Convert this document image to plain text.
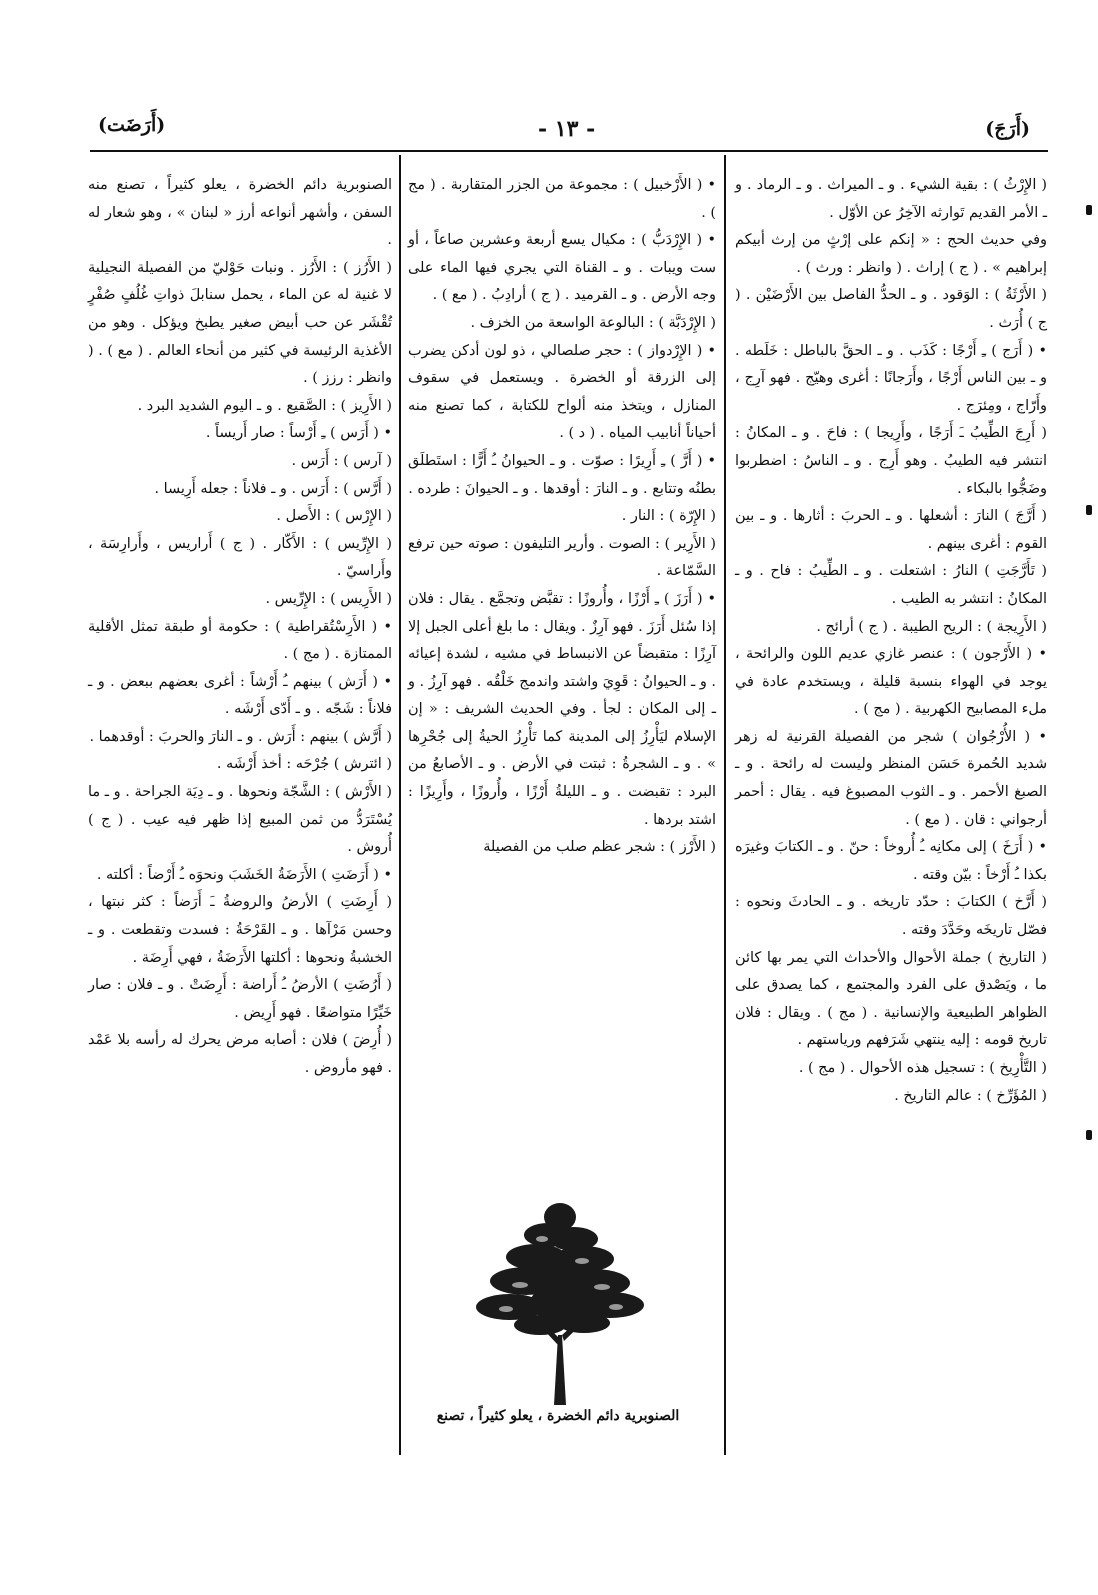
(أَرَجَ)
- ١٣ -
(أَرَضَت)

( الإِرْثُ ) : بقية الشيء . و ـ الميراث . و ـ الرماد . و ـ الأمر القديم تَوارثه الآخِرُ عن الأوّل .

وفي حديث الحج : « إنكم على إرْثٍ من إرث أبيكم إبراهيم » . ( ج ) إراث . ( وانظر : ورث ) .

( الأَرْثَةُ ) : الوَقود . و ـ الحدُّ الفاصل بين الأَرْضَيْن . ( ج ) أُرَث .

• ( أَرَج ) ـِ أَرْجًا : كَذَب . و ـ الحقَّ بالباطل : خَلَطه . و ـ بين الناس أَرْجًا ، وأَرَجانًا : أغرى وهيّج . فهو آرِج ، وأَرّاج ، ومِئرَج .

( أَرِجَ الطِّيبُ ـَ أَرَجًا ، وأَرِيجا ) : فاحَ . و ـ المكانُ : انتشر فيه الطيبُ . وهو أَرِج . و ـ الناسُ : اضطربوا وضَجُّوا بالبكاء .

( أَرَّجَ ) النارَ : أشعلها . و ـ الحربَ : أثارها . و ـ بين القوم : أغرى بينهم .

( تَأَرَّجَتِ ) النارُ : اشتعلت . و ـ الطِّيبُ : فاح . و ـ المكانُ : انتشر به الطيب .

( الأَرِيجة ) : الريح الطيبة . ( ج ) أرائج .

• ( الأَرْجون ) : عنصر غازي عديم اللون والرائحة ، يوجد في الهواء بنسبة قليلة ، ويستخدم عادة في ملء المصابيح الكهربية . ( مج ) .

• ( الأُرْجُوان ) شجر من الفصيلة القرنية له زهر شديد الحُمرة حَسَن المنظر وليست له رائحة . و ـ الصبغ الأحمر . و ـ الثوب المصبوغ فيه . يقال : أحمر أرجواني : قان . ( مع ) .

• ( أَرَخَ ) إلى مكانِه ـُ أُروخاً : حنّ . و ـ الكتابَ وغيرَه بكذا ـُ أَرْخاً : بيّن وقته .

( أَرَّخ ) الكتابَ : حدّد تاريخه . و ـ الحادثَ ونحوه : فصّل تاريخَه وحَدَّدَ وقته .

( التاريخ ) جملة الأحوال والأحداث التي يمر بها كائن ما ، ويَصْدق على الفرد والمجتمع ، كما يصدق على الظواهر الطبيعية والإنسانية . ( مج ) . ويقال : فلان تاريخ قومه : إليه ينتهي شَرَفهم ورياستهم .

( التَّأْرِيخ ) : تسجيل هذه الأحوال . ( مج ) .

( المُؤَرِّخ ) : عالم التاريخ .

• ( الأَرْخبيل ) : مجموعة من الجزر المتقاربة . ( مج ) .

• ( الإِرْدَبُّ ) : مكيال يسع أربعة وعشرين صاعاً ، أو ست ويبات . و ـ القناة التي يجري فيها الماء على وجه الأرض . و ـ القرميد . ( ج ) أرادِبُ . ( مع ) .

( الإِرْدَبَّة ) : البالوعة الواسعة من الخزف .

• ( الإِرْدواز ) : حجر صلصالي ، ذو لون أدكن يضرب إلى الزرقة أو الخضرة . ويستعمل في سقوف المنازل ، ويتخذ منه ألواح للكتابة ، كما تصنع منه أحياناً أنابيب المياه . ( د ) .

• ( أَرَّ ) ـِ أَرِيرًا : صوّت . و ـ الحيوانُ ـُ أَرًّا : استَطلَق بطنُه وتتابع . و ـ النارَ : أوقدها . و ـ الحيوانَ : طرده .

( الإِرّة ) : النار .

( الأَرِير ) : الصوت . وأرير التليفون : صوته حين ترفع السَّمّاعة .

• ( أَرَزَ ) ـِ أَرْزًا ، وأُروزًا : تقبَّض وتجمَّع . يقال : فلان إذا سُئل أَرَزَ . فهو آرِزٌ . ويقال : ما بلغ أعلى الجبل إلا آرِزًا : متقبضاً عن الانبساط في مشيه ، لشدة إعيائه . و ـ الحيوانُ : قَوِيَ واشتد واندمج خَلْقُه . فهو آرِزُ . و ـ إلى المكان : لجأ . وفي الحديث الشريف : « إن الإسلام ليَأْرِزُ إلى المدينة كما تَأْرِزُ الحيةُ إلى جُحْرِها » . و ـ الشجرةُ : ثبتت في الأرض . و ـ الأصابعُ من البرد : تقبضت . و ـ الليلةُ أَرْزًا ، وأُروزًا ، وأَرِيزًا : اشتد بردها .

( الأَرْز ) : شجر عظم صلب من الفصيلة

الصنوبرية دائم الخضرة ، يعلو كثيراً ، تصنع

الصنوبرية دائم الخضرة ، يعلو كثيراً ، تصنع منه السفن ، وأشهر أنواعه أرز « لبنان » ، وهو شعار له .

( الأَرُز ) : الأَرُز . ونبات حَوْليّ من الفصيلة النجيلية لا غنية له عن الماء ، يحمل سنابلَ ذواتِ غُلُفٍ صُفْرٍ تُقْشَر عن حب أبيض صغير يطبخ ويؤكل . وهو من الأغذية الرئيسة في كثير من أنحاء العالم . ( مع ) . ( وانظر : رزز ) .

( الأَرِيز ) : الصَّقيع . و ـ اليوم الشديد البرد .

• ( أَرَس ) ـِ أَرْساً : صار أَريساً .

( آرس ) : أَرَس .

( أَرَّس ) : أَرَس . و ـ فلاناً : جعله أَرِيسا .

( الإِرْس ) : الأَصل .

( الإِرِّيس ) : الأَكّار . ( ج ) أَراريس ، وأَرارِسَة ، وأَراسيّ .

( الأَرِيس ) : الإِرِّيس .

• ( الأَرِسْتُقراطية ) : حكومة أو طبقة تمثل الأقلية الممتازة . ( مج ) .

• ( أَرَش ) بينهم ـُ أَرْشاً : أغرى بعضهم ببعض . و ـ فلاناً : شَجّه . و ـ أَدّى أَرْشَه .

( أَرَّش ) بينهم : أَرَش . و ـ النارَ والحربَ : أوقدهما .

( ائترش ) جُرْحَه : أخذ أَرْشَه .

( الأَرْش ) : الشَّجّة ونحوها . و ـ دِيَة الجراحة . و ـ ما يُسْتَرَدُّ من ثمن المبيع إذا ظهر فيه عيب . ( ج ) أُروش .

• ( أَرَضَتِ ) الأَرَضَةُ الخَشَبَ ونحوَه ـُ أَرْضاً : أكلته .

( أَرِضَتِ ) الأرضُ والروضةُ ـَ أَرَضاً : كثر نبتها ، وحسن مَرْآها . و ـ القَرْحَةُ : فسدت وتقطعت . و ـ الخشبةُ ونحوها : أكلتها الأَرَضَةُ ، فهي أَرِضَة .

( أَرُضَتِ ) الأرضُ ـُ أَراضة : أَرِضَتْ . و ـ فلان : صار خَيِّرًا متواضعًا . فهو أَرِيض .

( أُرِضَ ) فلان : أصابه مرض يحرك له رأسه بلا عَمْد . فهو مأروض .
